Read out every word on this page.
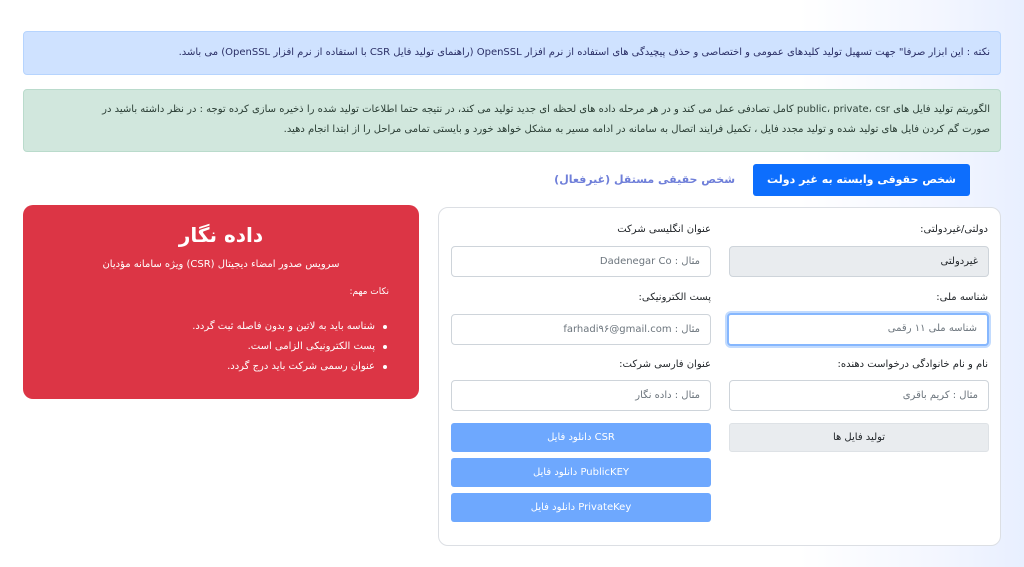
نکته : این ابزار صرفا" جهت تسهیل تولید کلیدهای عمومی و اختصاصی و حذف پیچیدگی های استفاده از نرم افزار OpenSSL (راهنمای تولید فایل CSR با استفاده از نرم افزار OpenSSL) می باشد.
الگوریتم تولید فایل های public، private، csr کامل تصادفی عمل می کند و در هر مرحله داده های لحظه ای جدید تولید می کند، در نتیجه حتما اطلاعات تولید شده را ذخیره سازی کرده توجه : در نظر داشته باشید در
صورت گم کردن فایل های تولید شده و تولید مجدد فایل ، تکمیل فرایند اتصال به سامانه در ادامه مسیر به مشکل خواهد خورد و بایستی تمامی مراحل را از ابتدا انجام دهید.
شخص حقوقی وابسته به غیر دولت
شخص حقیقی مستقل (غیرفعال)
داده نگار
سرویس صدور امضاء دیجیتال (CSR) ویژه سامانه مؤدیان
نکات مهم:
شناسه باید به لاتین و بدون فاصله ثبت گردد.
پست الکترونیکی الزامی است.
عنوان رسمی شرکت باید درج گردد.
دولتی/غیردولتی:
غیردولتی
عنوان انگلیسی شرکت
مثال : Dadenegar Co
شناسه ملی:
شناسه ملی ۱۱ رقمی
پست الکترونیکی:
مثال : farhadi۹۶@gmail.com
نام و نام خانوادگی درخواست دهنده:
مثال : کریم باقری
عنوان فارسی شرکت:
مثال : داده نگار
تولید فایل ها
دانلود فایل CSR
دانلود فایل PublicKEY
دانلود فایل PrivateKey
